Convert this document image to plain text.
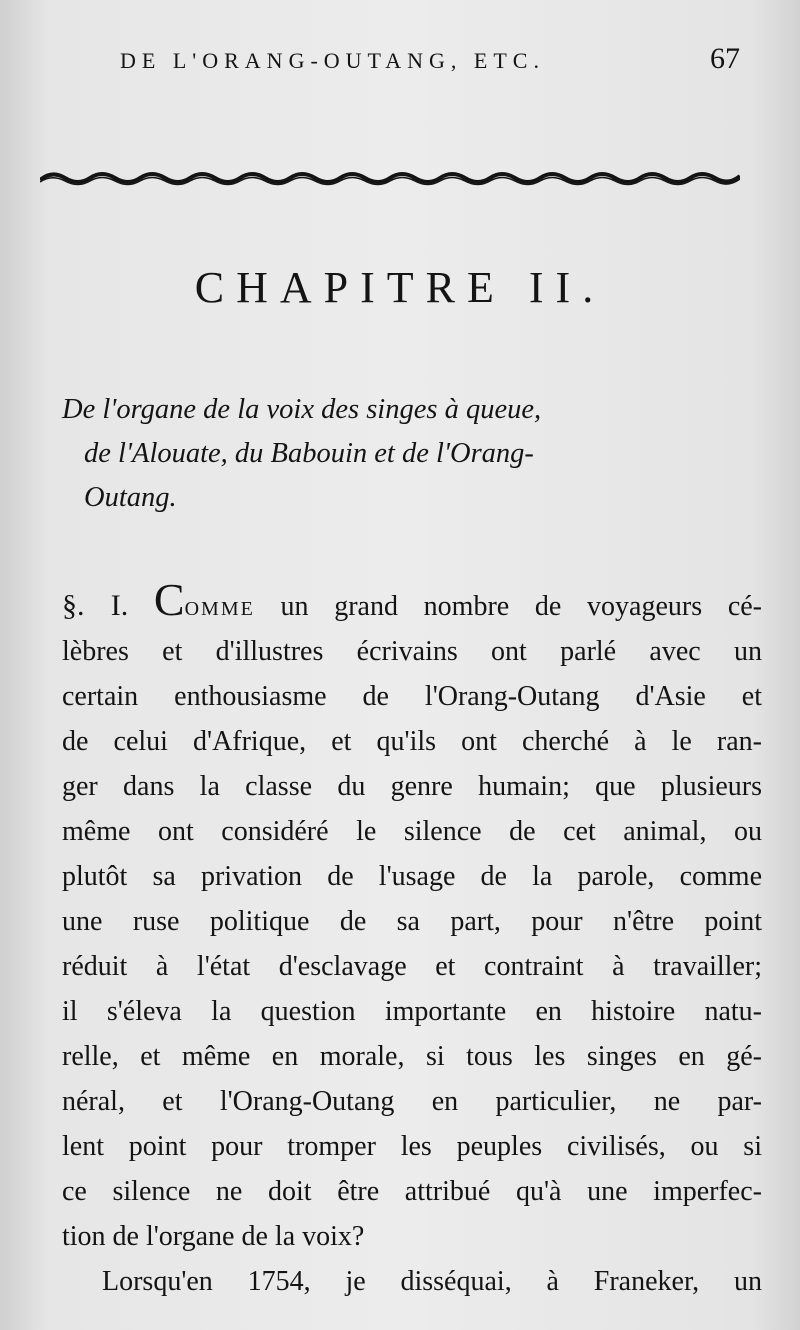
DE L'ORANG-OUTANG, ETC.	67
CHAPITRE II.
De l'organe de la voix des singes à queue,
de l'Alouate, du Babouin et de l'Orang-
Outang.
§. I. Comme un grand nombre de voyageurs cé-
lèbres et d'illustres écrivains ont parlé avec un
certain enthousiasme de l'Orang-Outang d'Asie et
de celui d'Afrique, et qu'ils ont cherché à le ran-
ger dans la classe du genre humain; que plusieurs
même ont considéré le silence de cet animal, ou
plutôt sa privation de l'usage de la parole, comme
une ruse politique de sa part, pour n'être point
réduit à l'état d'esclavage et contraint à travailler;
il s'éleva la question importante en histoire natu-
relle, et même en morale, si tous les singes en gé-
néral, et l'Orang-Outang en particulier, ne par-
lent point pour tromper les peuples civilisés, ou si
ce silence ne doit être attribué qu'à une imperfec-
tion de l'organe de la voix?
Lorsqu'en 1754, je disséquai, à Franeker, un
